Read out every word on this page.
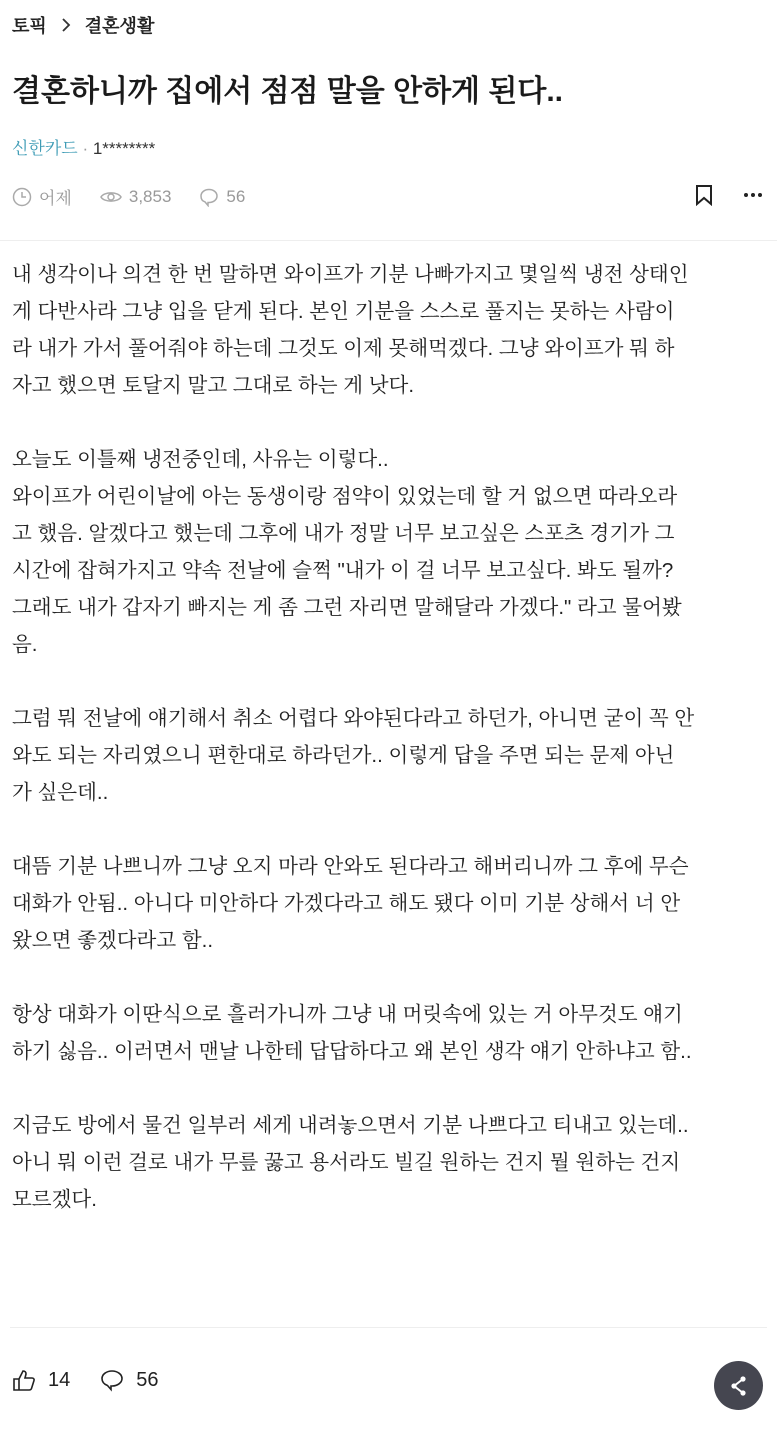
토픽 결혼생활
결혼하니까 집에서 점점 말을 안하게 된다..
신한카드 · 1********
어제	3,853	56
내 생각이나 의견 한 번 말하면 와이프가 기분 나빠가지고 몇일씩 냉전 상태인
게 다반사라 그냥 입을 닫게 된다. 본인 기분을 스스로 풀지는 못하는 사람이
라 내가 가서 풀어줘야 하는데 그것도 이제 못해먹겠다. 그냥 와이프가 뭐 하
자고 했으면 토달지 말고 그대로 하는 게 낫다.
오늘도 이틀째 냉전중인데, 사유는 이렇다..
와이프가 어린이날에 아는 동생이랑 점약이 있었는데 할 거 없으면 따라오라
고 했음. 알겠다고 했는데 그후에 내가 정말 너무 보고싶은 스포츠 경기가 그
시간에 잡혀가지고 약속 전날에 슬쩍 "내가 이 걸 너무 보고싶다. 봐도 될까?
그래도 내가 갑자기 빠지는 게 좀 그런 자리면 말해달라 가겠다." 라고 물어봤
음.
그럼 뭐 전날에 얘기해서 취소 어렵다 와야된다라고 하던가, 아니면 굳이 꼭 안
와도 되는 자리였으니 편한대로 하라던가.. 이렇게 답을 주면 되는 문제 아닌
가 싶은데..
대뜸 기분 나쁘니까 그냥 오지 마라 안와도 된다라고 해버리니까 그 후에 무슨
대화가 안됨.. 아니다 미안하다 가겠다라고 해도 됐다 이미 기분 상해서 너 안
왔으면 좋겠다라고 함..
항상 대화가 이딴식으로 흘러가니까 그냥 내 머릿속에 있는 거 아무것도 얘기
하기 싫음.. 이러면서 맨날 나한테 답답하다고 왜 본인 생각 얘기 안하냐고 함..
지금도 방에서 물건 일부러 세게 내려놓으면서 기분 나쁘다고 티내고 있는데..
아니 뭐 이런 걸로 내가 무릎 꿇고 용서라도 빌길 원하는 건지 뭘 원하는 건지
모르겠다.
14	56
